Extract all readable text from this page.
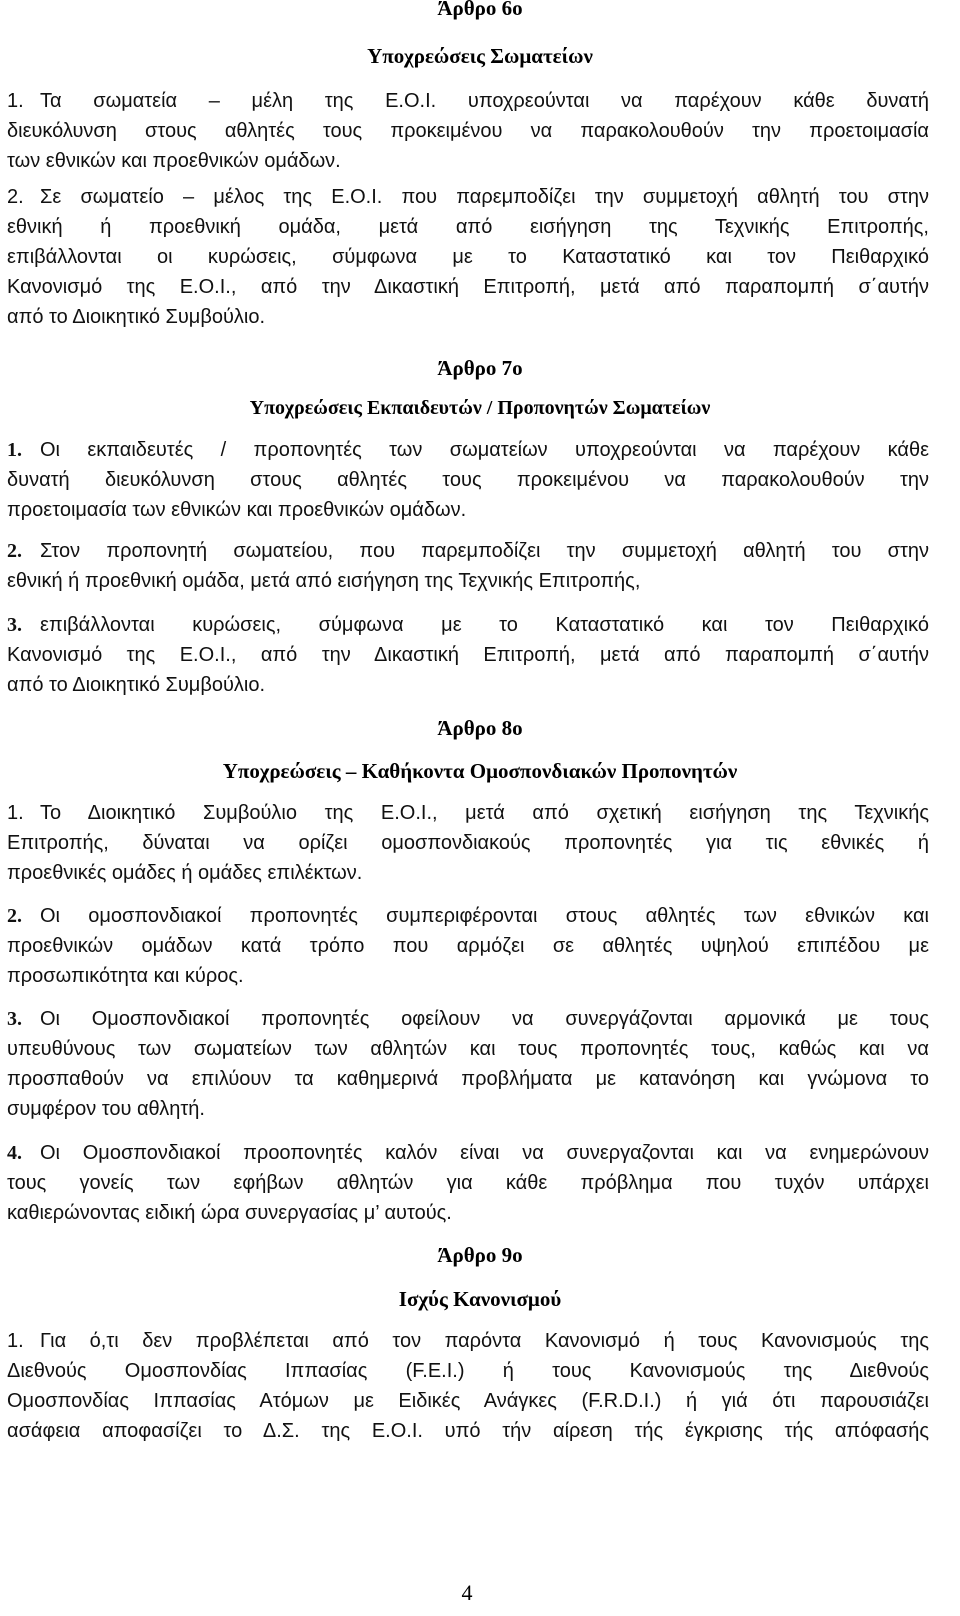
Άρθρο 6ο
Υποχρεώσεις Σωματείων
1. Τα σωματεία – μέλη της Ε.Ο.Ι. υποχρεούνται να παρέχουν κάθε δυνατή
διευκόλυνση στους αθλητές τους προκειμένου να παρακολουθούν την προετοιμασία
των εθνικών και προεθνικών ομάδων.
2. Σε σωματείο – μέλος της Ε.Ο.Ι. που παρεμποδίζει την συμμετοχή αθλητή του στην
εθνική ή προεθνική ομάδα, μετά από εισήγηση της Τεχνικής Επιτροπής,
επιβάλλονται οι κυρώσεις, σύμφωνα με το Καταστατικό και τον Πειθαρχικό
Κανονισμό της Ε.Ο.Ι., από την Δικαστική Επιτροπή, μετά από παραπομπή σ΄αυτήν
από το Διοικητικό Συμβούλιο.
Άρθρο 7ο
Υποχρεώσεις Εκπαιδευτών / Προπονητών Σωματείων
1. Οι εκπαιδευτές / προπονητές των σωματείων υποχρεούνται να παρέχουν κάθε
δυνατή διευκόλυνση στους αθλητές τους προκειμένου να παρακολουθούν την
προετοιμασία των εθνικών και προεθνικών ομάδων.
2. Στον προπονητή σωματείου, που παρεμποδίζει την συμμετοχή αθλητή του στην
εθνική ή προεθνική ομάδα, μετά από εισήγηση της Τεχνικής Επιτροπής,
3. επιβάλλονται κυρώσεις, σύμφωνα με το Καταστατικό και τον Πειθαρχικό
Κανονισμό της Ε.Ο.Ι., από την Δικαστική Επιτροπή, μετά από παραπομπή σ΄αυτήν
από το Διοικητικό Συμβούλιο.
Άρθρο 8ο
Υποχρεώσεις – Καθήκοντα Ομοσπονδιακών Προπονητών
1. Το Διοικητικό Συμβούλιο της Ε.Ο.Ι., μετά από σχετική εισήγηση της Τεχνικής
Επιτροπής, δύναται να ορίζει ομοσπονδιακούς προπονητές για τις εθνικές ή
προεθνικές ομάδες ή ομάδες επιλέκτων.
2. Οι ομοσπονδιακοί προπονητές συμπεριφέρονται στους αθλητές των εθνικών και
προεθνικών ομάδων κατά τρόπο που αρμόζει σε αθλητές υψηλού επιπέδου με
προσωπικότητα και κύρος.
3. Οι Ομοσπονδιακοί προπονητές οφείλουν να συνεργάζονται αρμονικά με τους
υπευθύνους των σωματείων των αθλητών και τους προπονητές τους, καθώς και να
προσπαθούν να επιλύουν τα καθημερινά προβλήματα με κατανόηση και γνώμονα το
συμφέρον του αθλητή.
4. Οι Ομοσπονδιακοί προοπονητές καλόν είναι να συνεργαζονται και να ενημερώνουν
τους γονείς των εφήβων αθλητών για κάθε πρόβλημα που τυχόν υπάρχει
καθιερώνοντας ειδική ώρα συνεργασίας μ’ αυτούς.
Άρθρο 9ο
Ισχύς Κανονισμού
1. Για ό,τι δεν προβλέπεται από τον παρόντα Κανονισμό ή τους Κανονισμούς της
Διεθνούς Ομοσπονδίας Ιππασίας (F.E.I.) ή τους Κανονισμούς της Διεθνούς
Ομοσπονδίας Ιππασίας Ατόμων με Ειδικές Ανάγκες (F.R.D.I.) ή γιά ότι παρουσιάζει
ασάφεια αποφασίζει το Δ.Σ. της Ε.Ο.Ι. υπό τήν αίρεση τής έγκρισης τής απόφασής
4
